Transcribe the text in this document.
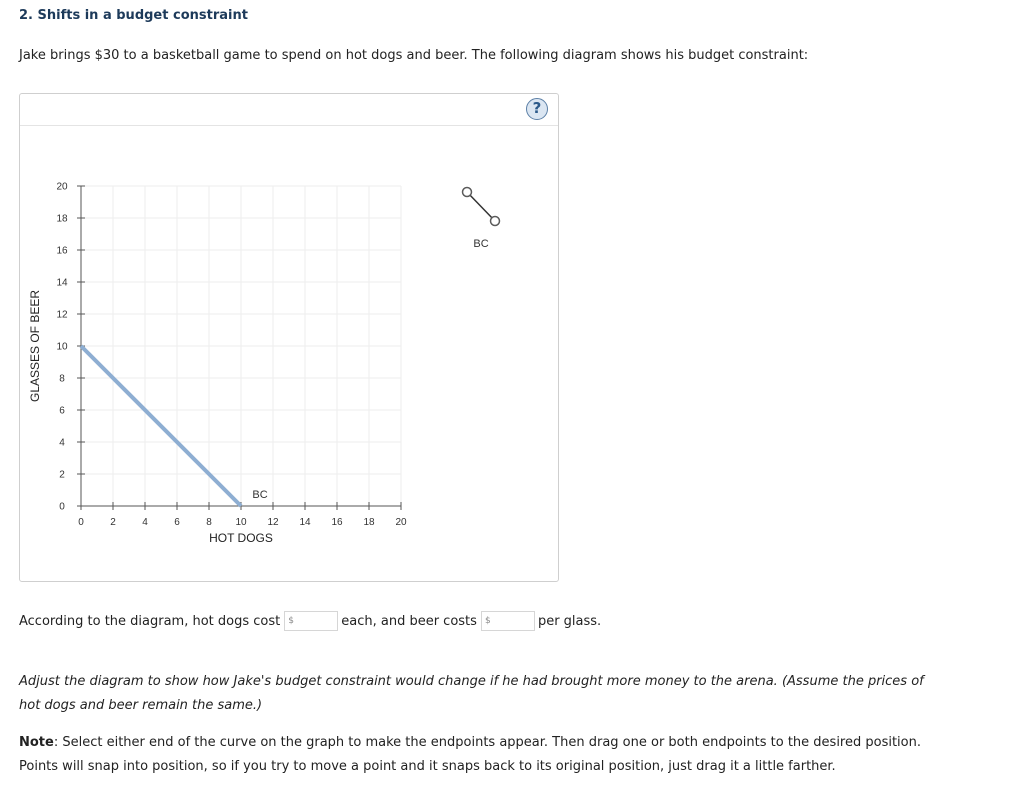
2. Shifts in a budget constraint
Jake brings $30 to a basketball game to spend on hot dogs and beer. The following diagram shows his budget constraint:
?
0
2
4
6
8
10
12
14
16
18
20
0	2	4	6	8 10 12 14 16 18 20
BC
GLASSES OF BEER
HOT DOGS
BC
According to the diagram, hot dogs cost $	each, and beer costs $	per glass.
Adjust the diagram to show how Jake's budget constraint would change if he had brought more money to the arena. (Assume the prices of hot dogs and beer remain the same.)
Note: Select either end of the curve on the graph to make the endpoints appear. Then drag one or both endpoints to the desired position. Points will snap into position, so if you try to move a point and it snaps back to its original position, just drag it a little farther.
